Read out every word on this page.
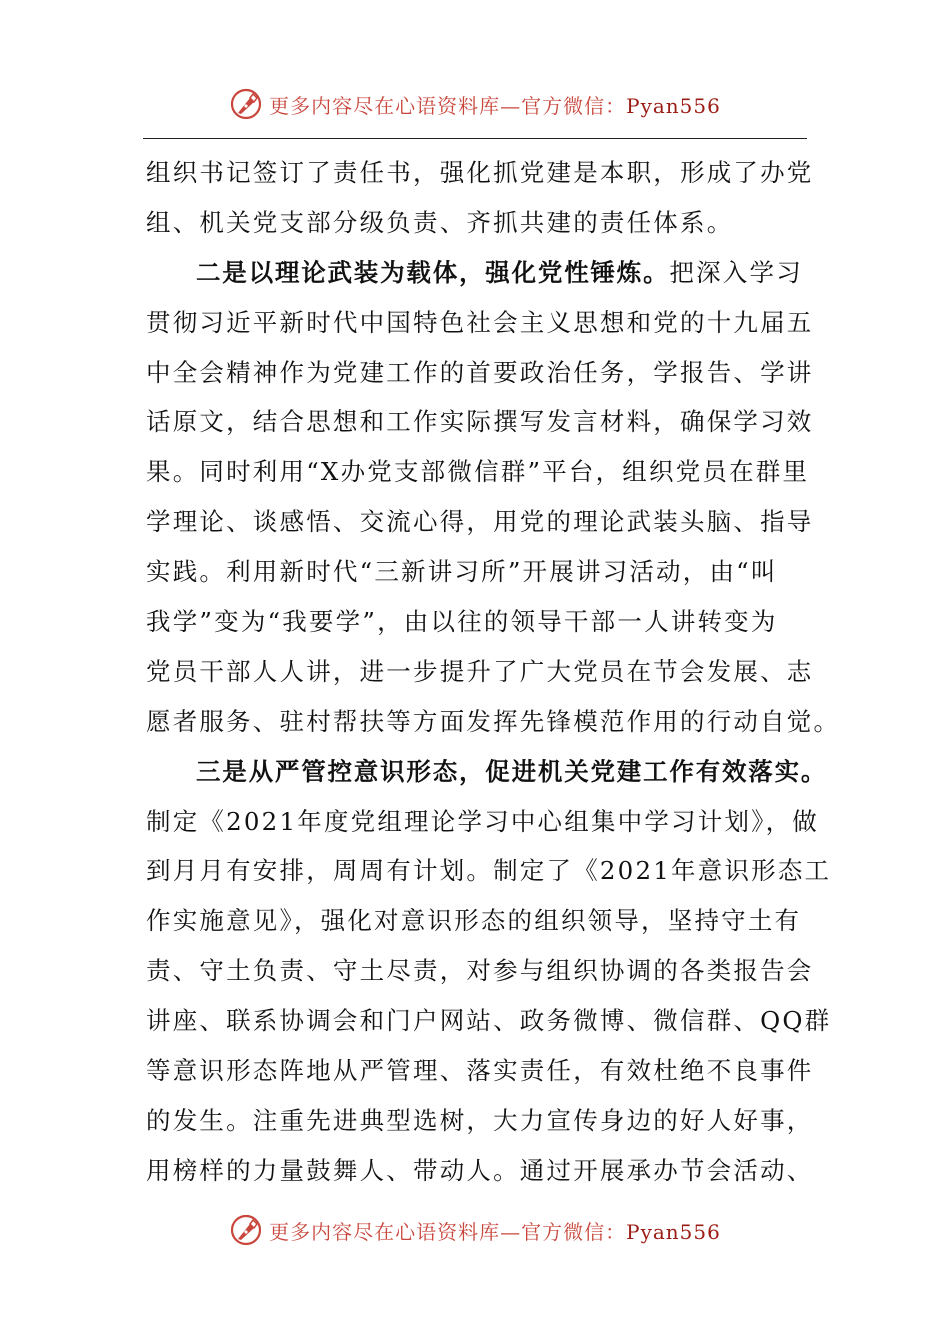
更多内容尽在心语资料库—官方微信：Pyan556
组织书记签订了责任书，强化抓党建是本职，形成了办党
组、机关党支部分级负责、齐抓共建的责任体系。
二是以理论武装为载体，强化党性锤炼。把深入学习
贯彻习近平新时代中国特色社会主义思想和党的十九届五
中全会精神作为党建工作的首要政治任务，学报告、学讲
话原文，结合思想和工作实际撰写发言材料，确保学习效
果。同时利用“X办党支部微信群”平台，组织党员在群里
学理论、谈感悟、交流心得，用党的理论武装头脑、指导
实践。利用新时代“三新讲习所”开展讲习活动，由“叫
我学”变为“我要学”，由以往的领导干部一人讲转变为
党员干部人人讲，进一步提升了广大党员在节会发展、志
愿者服务、驻村帮扶等方面发挥先锋模范作用的行动自觉。
三是从严管控意识形态，促进机关党建工作有效落实。
制定《2021年度党组理论学习中心组集中学习计划》，做
到月月有安排，周周有计划。制定了《2021年意识形态工
作实施意见》，强化对意识形态的组织领导，坚持守土有
责、守土负责、守土尽责，对参与组织协调的各类报告会
讲座、联系协调会和门户网站、政务微博、微信群、QQ群
等意识形态阵地从严管理、落实责任，有效杜绝不良事件
的发生。注重先进典型选树，大力宣传身边的好人好事，
用榜样的力量鼓舞人、带动人。通过开展承办节会活动、
更多内容尽在心语资料库—官方微信：Pyan556
